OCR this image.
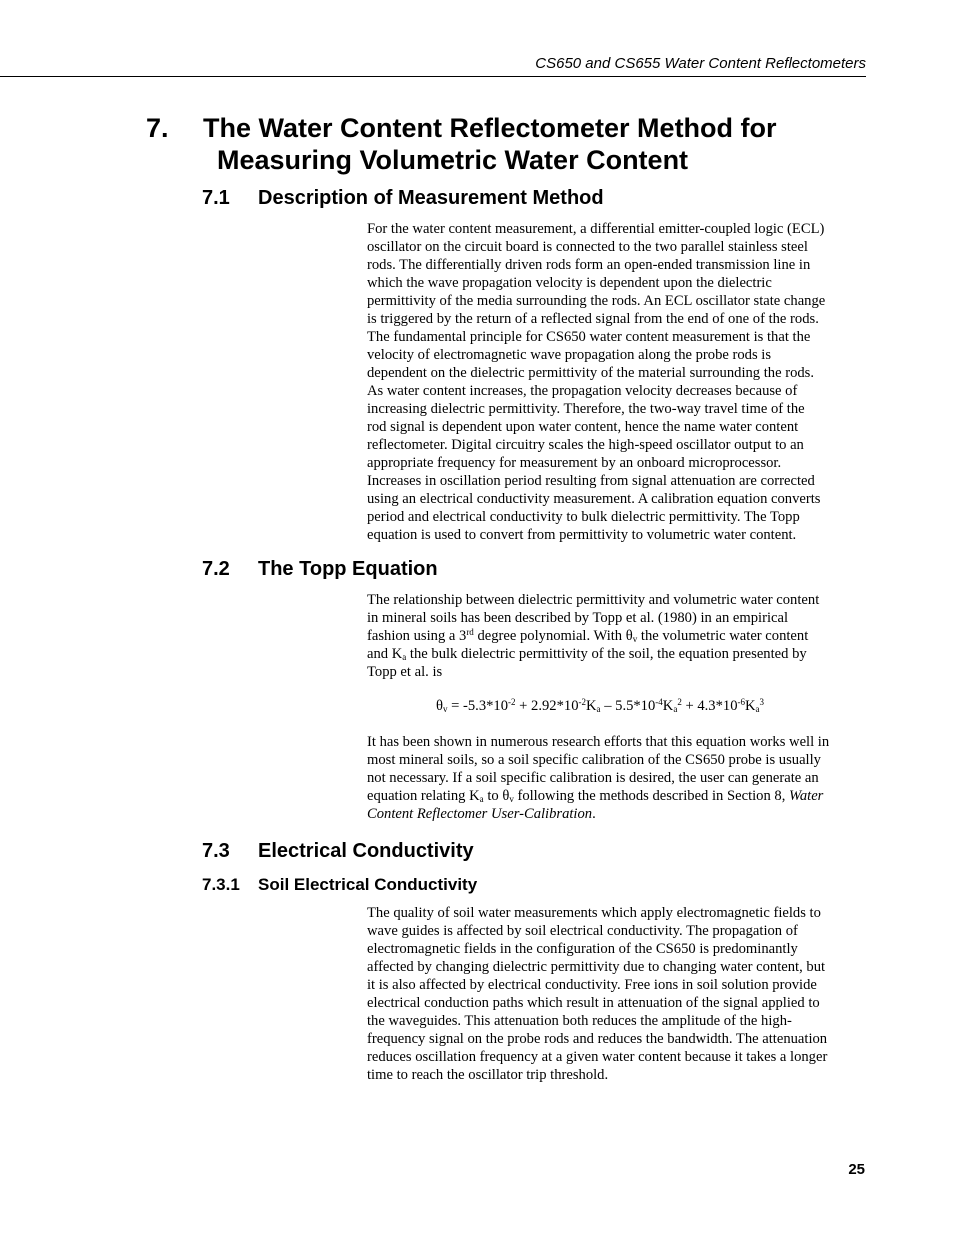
CS650 and CS655 Water Content Reflectometers
7. The Water Content Reflectometer Method for
Measuring Volumetric Water Content
7.1 Description of Measurement Method
For the water content measurement, a differential emitter-coupled logic (ECL)
oscillator on the circuit board is connected to the two parallel stainless steel
rods. The differentially driven rods form an open-ended transmission line in
which the wave propagation velocity is dependent upon the dielectric
permittivity of the media surrounding the rods. An ECL oscillator state change
is triggered by the return of a reflected signal from the end of one of the rods.
The fundamental principle for CS650 water content measurement is that the
velocity of electromagnetic wave propagation along the probe rods is
dependent on the dielectric permittivity of the material surrounding the rods.
As water content increases, the propagation velocity decreases because of
increasing dielectric permittivity. Therefore, the two-way travel time of the
rod signal is dependent upon water content, hence the name water content
reflectometer. Digital circuitry scales the high-speed oscillator output to an
appropriate frequency for measurement by an onboard microprocessor.
Increases in oscillation period resulting from signal attenuation are corrected
using an electrical conductivity measurement. A calibration equation converts
period and electrical conductivity to bulk dielectric permittivity. The Topp
equation is used to convert from permittivity to volumetric water content.
7.2 The Topp Equation
The relationship between dielectric permittivity and volumetric water content
in mineral soils has been described by Topp et al. (1980) in an empirical
fashion using a 3rd degree polynomial. With $\theta_v$ the volumetric water content
and $K_a$ the bulk dielectric permittivity of the soil, the equation presented by
Topp et al. is
$\theta_v = -5.3*10^{-2} + 2.92*10^{-2}K_a - 5.5*10^{-4}K_a^2 + 4.3*10^{-6}K_a^3$
It has been shown in numerous research efforts that this equation works well in
most mineral soils, so a soil specific calibration of the CS650 probe is usually
not necessary. If a soil specific calibration is desired, the user can generate an
equation relating $K_a$ to $\theta_v$ following the methods described in Section 8, Water
Content Reflectomer User-Calibration.
7.3 Electrical Conductivity
7.3.1 Soil Electrical Conductivity
The quality of soil water measurements which apply electromagnetic fields to
wave guides is affected by soil electrical conductivity. The propagation of
electromagnetic fields in the configuration of the CS650 is predominantly
affected by changing dielectric permittivity due to changing water content, but
it is also affected by electrical conductivity. Free ions in soil solution provide
electrical conduction paths which result in attenuation of the signal applied to
the waveguides. This attenuation both reduces the amplitude of the high-
frequency signal on the probe rods and reduces the bandwidth. The attenuation
reduces oscillation frequency at a given water content because it takes a longer
time to reach the oscillator trip threshold.
25
